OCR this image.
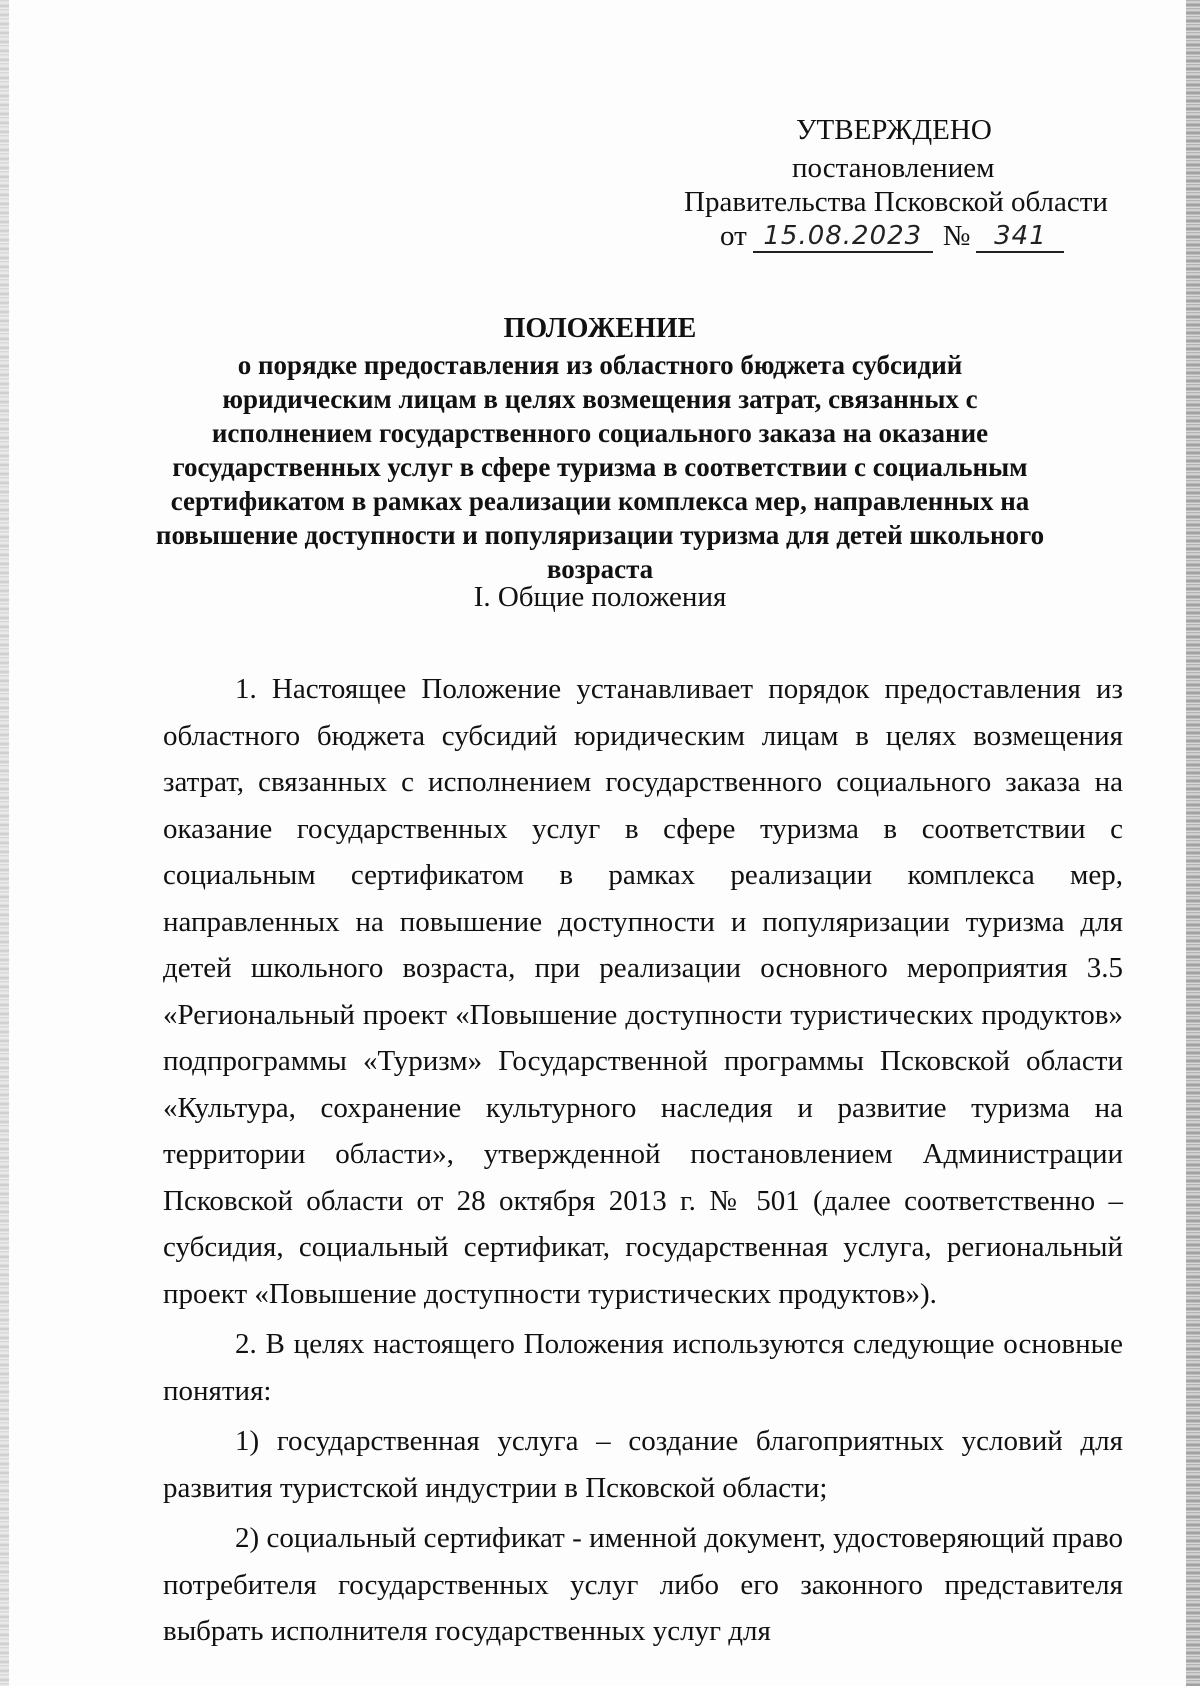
УТВЕРЖДЕНО
постановлением
Правительства Псковской области
от 15.08.2023 № 341
ПОЛОЖЕНИЕ
о порядке предоставления из областного бюджета субсидий юридическим лицам в целях возмещения затрат, связанных с исполнением государственного социального заказа на оказание государственных услуг в сфере туризма в соответствии с социальным сертификатом в рамках реализации комплекса мер, направленных на повышение доступности и популяризации туризма для детей школьного возраста
I. Общие положения

1. Настоящее Положение устанавливает порядок предоставления из областного бюджета субсидий юридическим лицам в целях возмещения затрат, связанных с исполнением государственного социального заказа на оказание государственных услуг в сфере туризма в соответствии с социальным сертификатом в рамках реализации комплекса мер, направленных на повышение доступности и популяризации туризма для детей школьного возраста, при реализации основного мероприятия 3.5 «Региональный проект «Повышение доступности туристических продуктов» подпрограммы «Туризм» Государственной программы Псковской области «Культура, сохранение культурного наследия и развитие туризма на территории области», утвержденной постановлением Администрации Псковской области от 28 октября 2013 г. № 501 (далее соответственно – субсидия, социальный сертификат, государственная услуга, региональный проект «Повышение доступности туристических продуктов»).

2. В целях настоящего Положения используются следующие основные понятия:

1) государственная услуга – создание благоприятных условий для развития туристской индустрии в Псковской области;

2) социальный сертификат - именной документ, удостоверяющий право потребителя государственных услуг либо его законного представителя выбрать исполнителя государственных услуг для
